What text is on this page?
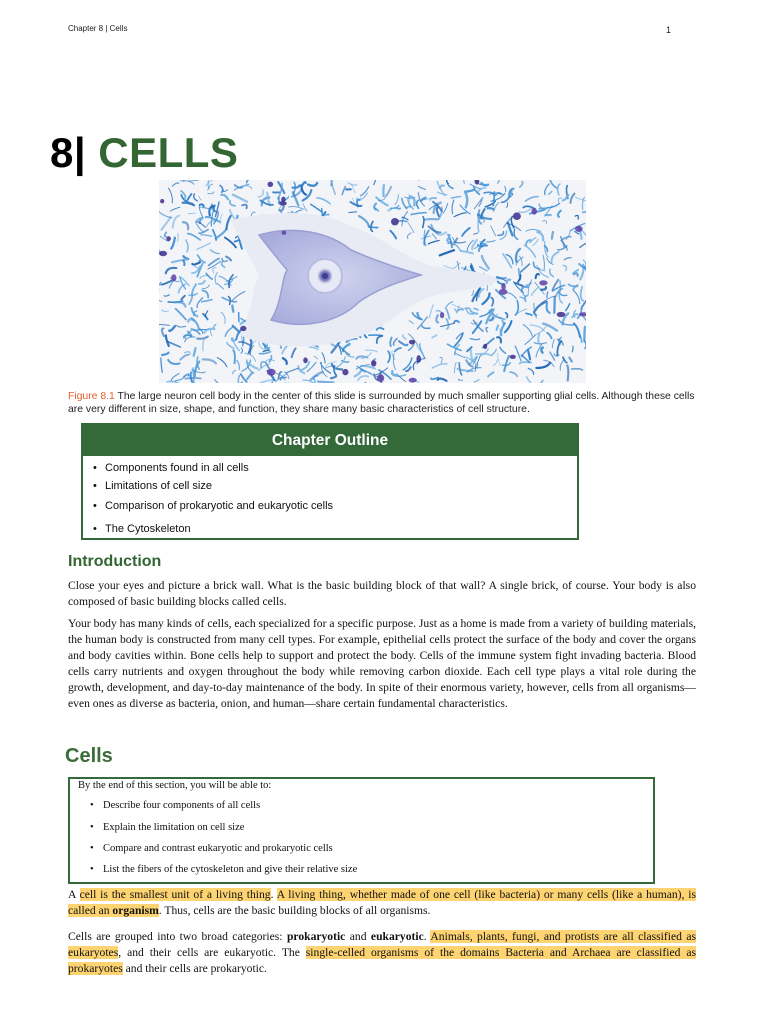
Chapter 8 | Cells	1
8| CELLS
Figure 8.1 The large neuron cell body in the center of this slide is surrounded by much smaller supporting glial cells. Although these cells are very different in size, shape, and function, they share many basic characteristics of cell structure.
Chapter Outline
• Components found in all cells
• Limitations of cell size
• Comparison of prokaryotic and eukaryotic cells
• The Cytoskeleton
Introduction
Close your eyes and picture a brick wall. What is the basic building block of that wall? A single brick, of course. Your body is also composed of basic building blocks called cells.
Your body has many kinds of cells, each specialized for a specific purpose. Just as a home is made from a variety of building materials, the human body is constructed from many cell types. For example, epithelial cells protect the surface of the body and cover the organs and body cavities within. Bone cells help to support and protect the body. Cells of the immune system fight invading bacteria. Blood cells carry nutrients and oxygen throughout the body while removing carbon dioxide. Each cell type plays a vital role during the growth, development, and day-to-day maintenance of the body. In spite of their enormous variety, however, cells from all organisms—even ones as diverse as bacteria, onion, and human—share certain fundamental characteristics.
Cells
By the end of this section, you will be able to:
• Describe four components of all cells
• Explain the limitation on cell size
• Compare and contrast eukaryotic and prokaryotic cells
• List the fibers of the cytoskeleton and give their relative size
A cell is the smallest unit of a living thing. A living thing, whether made of one cell (like bacteria) or many cells (like a human), is called an organism. Thus, cells are the basic building blocks of all organisms.
Cells are grouped into two broad categories: prokaryotic and eukaryotic. Animals, plants, fungi, and protists are all classified as eukaryotes, and their cells are eukaryotic. The single-celled organisms of the domains Bacteria and Archaea are classified as prokaryotes and their cells are prokaryotic.
